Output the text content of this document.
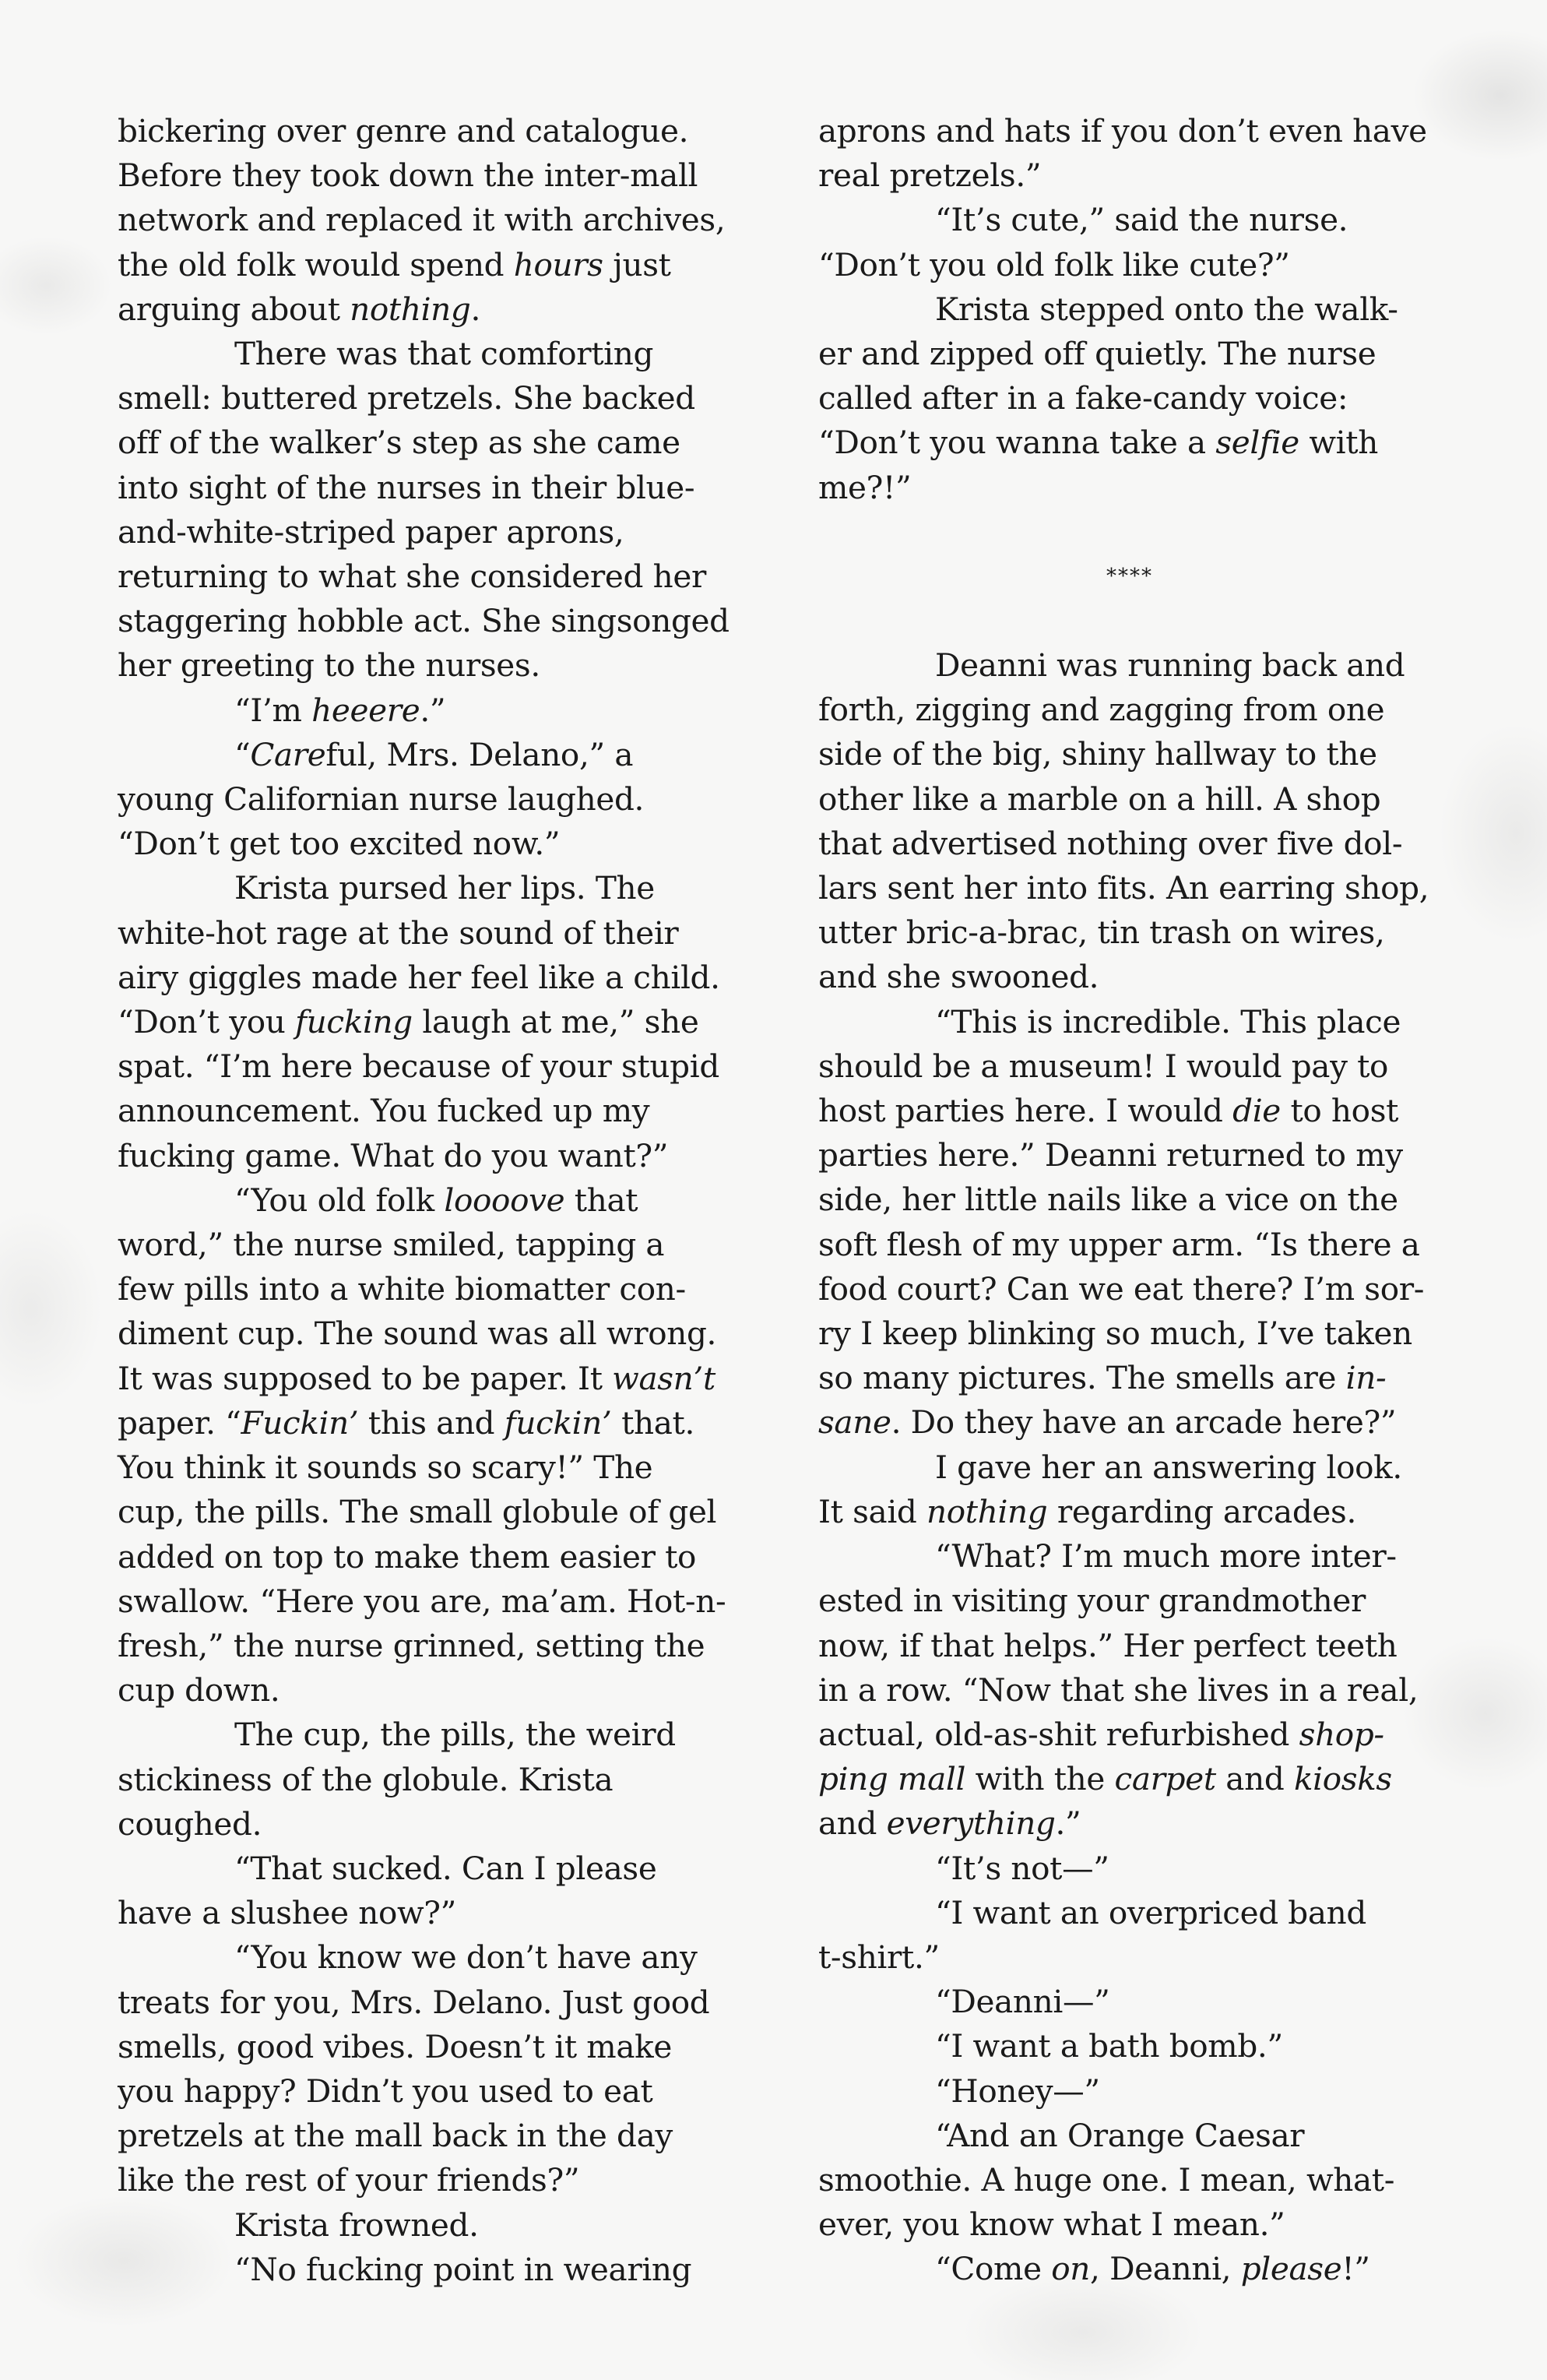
bickering over genre and catalogue.

Before they took down the inter-mall

network and replaced it with archives,

the old folk would spend hours just

arguing about nothing.

There was that comforting

smell: buttered pretzels. She backed

off of the walker’s step as she came

into sight of the nurses in their blue-

and-white-striped paper aprons,

returning to what she considered her

staggering hobble act. She singsonged

her greeting to the nurses.

“I’m heeere.”

“Careful, Mrs. Delano,” a

young Californian nurse laughed.

“Don’t get too excited now.”

Krista pursed her lips. The

white-hot rage at the sound of their

airy giggles made her feel like a child.

“Don’t you fucking laugh at me,” she

spat. “I’m here because of your stupid

announcement. You fucked up my

fucking game. What do you want?”

“You old folk loooove that

word,” the nurse smiled, tapping a

few pills into a white biomatter con-

diment cup. The sound was all wrong.

It was supposed to be paper. It wasn’t

paper. “Fuckin’ this and fuckin’ that.

You think it sounds so scary!” The

cup, the pills. The small globule of gel

added on top to make them easier to

swallow. “Here you are, ma’am. Hot-n-

fresh,” the nurse grinned, setting the

cup down.

The cup, the pills, the weird

stickiness of the globule. Krista

coughed.

“That sucked. Can I please

have a slushee now?”

“You know we don’t have any

treats for you, Mrs. Delano. Just good

smells, good vibes. Doesn’t it make

you happy? Didn’t you used to eat

pretzels at the mall back in the day

like the rest of your friends?”

Krista frowned.

“No fucking point in wearing

aprons and hats if you don’t even have

real pretzels.”

“It’s cute,” said the nurse.

“Don’t you old folk like cute?”

Krista stepped onto the walk-

er and zipped off quietly. The nurse

called after in a fake-candy voice:

“Don’t you wanna take a selfie with

me?!”

****

Deanni was running back and

forth, zigging and zagging from one

side of the big, shiny hallway to the

other like a marble on a hill. A shop

that advertised nothing over five dol-

lars sent her into fits. An earring shop,

utter bric-a-brac, tin trash on wires,

and she swooned.

“This is incredible. This place

should be a museum! I would pay to

host parties here. I would die to host

parties here.” Deanni returned to my

side, her little nails like a vice on the

soft flesh of my upper arm. “Is there a

food court? Can we eat there? I’m sor-

ry I keep blinking so much, I’ve taken

so many pictures. The smells are in-

sane. Do they have an arcade here?”

I gave her an answering look.

It said nothing regarding arcades.

“What? I’m much more inter-

ested in visiting your grandmother

now, if that helps.” Her perfect teeth

in a row. “Now that she lives in a real,

actual, old-as-shit refurbished shop-

ping mall with the carpet and kiosks

and everything.”

“It’s not—”

“I want an overpriced band

t-shirt.”

“Deanni—”

“I want a bath bomb.”

“Honey—”

“And an Orange Caesar

smoothie. A huge one. I mean, what-

ever, you know what I mean.”

“Come on, Deanni, please!”
